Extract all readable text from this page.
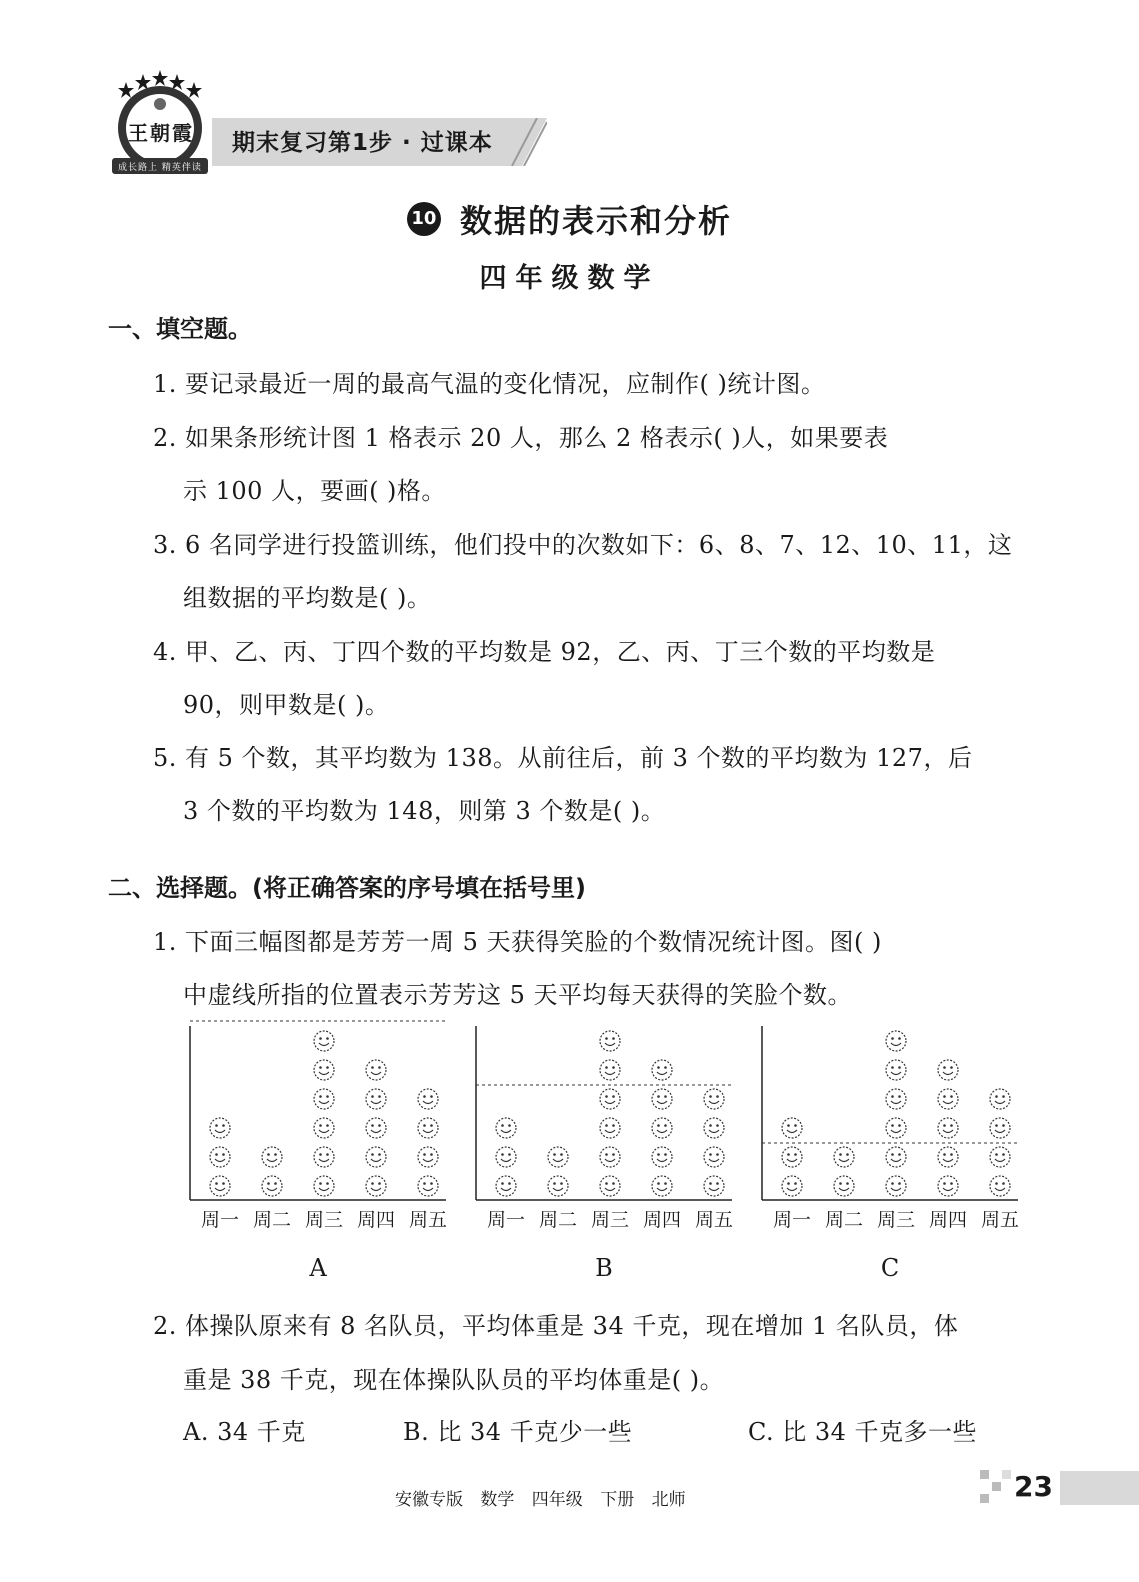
王朝霞
成长路上 精英伴读
期末复习第1步 · 过课本
10 数据的表示和分析
四年级数学
一、填空题。
1. 要记录最近一周的最高气温的变化情况，应制作( )统计图。
2. 如果条形统计图 1 格表示 20 人，那么 2 格表示( )人，如果要表
示 100 人，要画( )格。
3. 6 名同学进行投篮训练，他们投中的次数如下：6、8、7、12、10、11，这
组数据的平均数是( )。
4. 甲、乙、丙、丁四个数的平均数是 92，乙、丙、丁三个数的平均数是
90，则甲数是( )。
5. 有 5 个数，其平均数为 138。从前往后，前 3 个数的平均数为 127，后
3 个数的平均数为 148，则第 3 个数是( )。
二、选择题。(将正确答案的序号填在括号里)
1. 下面三幅图都是芳芳一周 5 天获得笑脸的个数情况统计图。图( )
中虚线所指的位置表示芳芳这 5 天平均每天获得的笑脸个数。
周一 周二 周三 周四 周五
A
周一 周二 周三 周四 周五
B
周一 周二 周三 周四 周五
C
2. 体操队原来有 8 名队员，平均体重是 34 千克，现在增加 1 名队员，体
重是 38 千克，现在体操队队员的平均体重是( )。
A. 34 千克	B. 比 34 千克少一些	C. 比 34 千克多一些
安徽专版 数学 四年级 下册 北师	23
